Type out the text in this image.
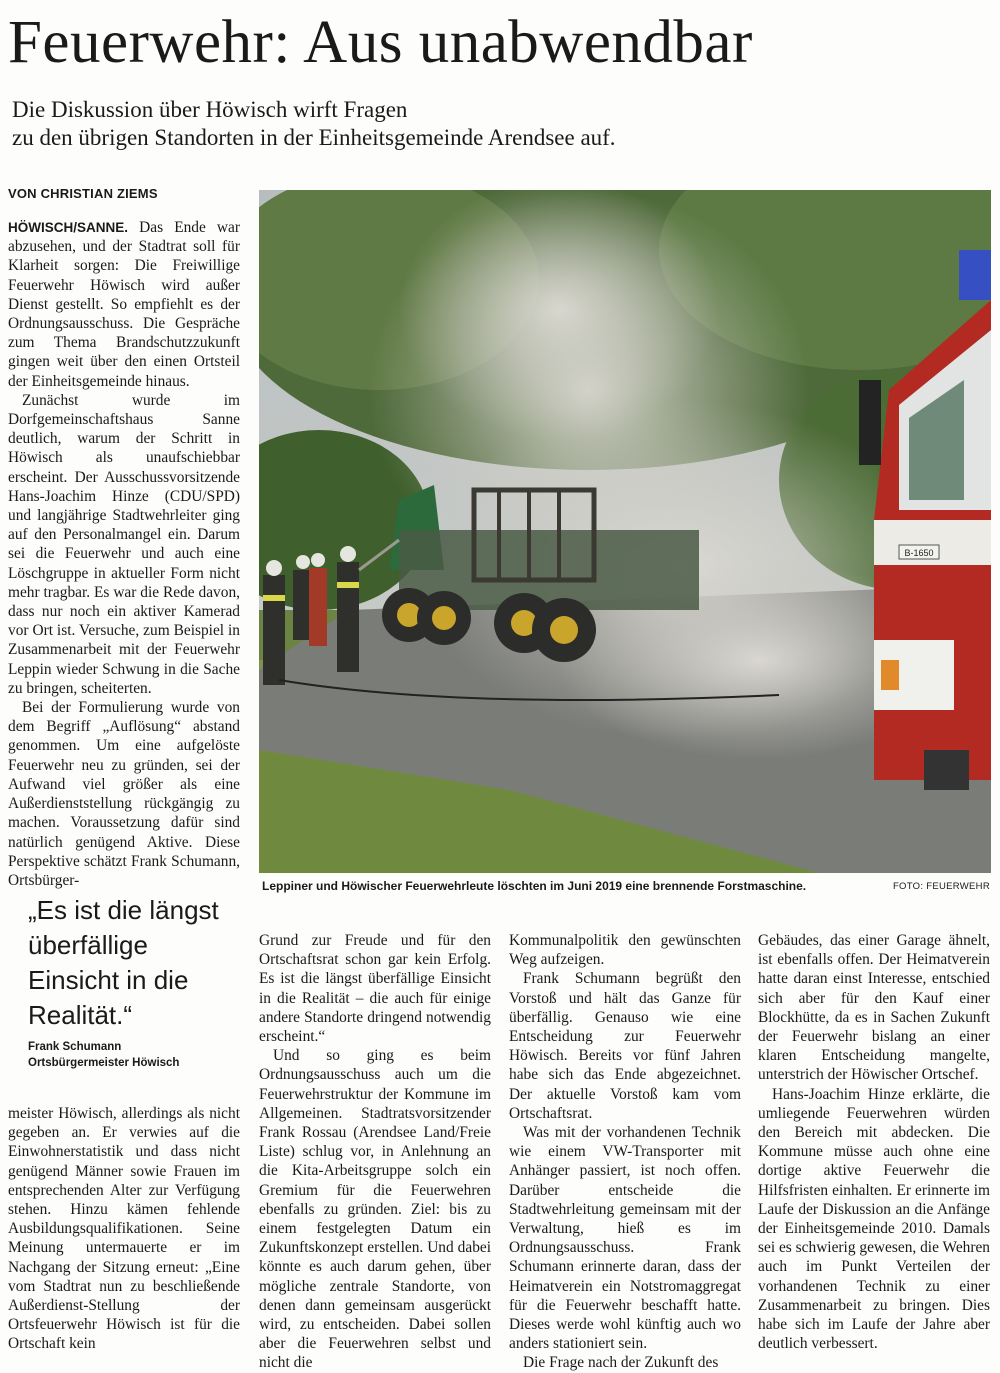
Feuerwehr: Aus unabwendbar
Die Diskussion über Höwisch wirft Fragen
zu den übrigen Standorten in der Einheitsgemeinde Arendsee auf.
VON CHRISTIAN ZIEMS

HÖWISCH/SANNE. Das Ende war abzusehen, und der Stadtrat soll für Klarheit sorgen: Die Freiwillige Feuerwehr Höwisch wird außer Dienst gestellt. So empfiehlt es der Ordnungsausschuss. Die Gespräche zum Thema Brandschutzzukunft gingen weit über den einen Ortsteil der Einheitsgemeinde hinaus.

Zunächst wurde im Dorfgemeinschaftshaus Sanne deutlich, warum der Schritt in Höwisch als unaufschiebbar erscheint. Der Ausschussvorsitzende Hans-Joachim Hinze (CDU/SPD) und langjährige Stadtwehrleiter ging auf den Personalmangel ein. Darum sei die Feuerwehr und auch eine Löschgruppe in aktueller Form nicht mehr tragbar. Es war die Rede davon, dass nur noch ein aktiver Kamerad vor Ort ist. Versuche, zum Beispiel in Zusammenarbeit mit der Feuerwehr Leppin wieder Schwung in die Sache zu bringen, scheiterten.

Bei der Formulierung wurde von dem Begriff „Auflösung“ abstand genommen. Um eine aufgelöste Feuerwehr neu zu gründen, sei der Aufwand viel größer als eine Außerdienststellung rückgängig zu machen. Voraussetzung dafür sind natürlich genügend Aktive. Diese Perspektive schätzt Frank Schumann, Ortsbürger-

„Es ist die längst überfällige Einsicht in die Realität.“

Frank Schumann
Ortsbürgermeister Höwisch

meister Höwisch, allerdings als nicht gegeben an. Er verwies auf die Einwohnerstatistik und dass nicht genügend Männer sowie Frauen im entsprechenden Alter zur Verfügung stehen. Hinzu kämen fehlende Ausbildungsqualifikationen. Seine Meinung untermauerte er im Nachgang der Sitzung erneut: „Eine vom Stadtrat nun zu beschließende Außerdienst-Stellung der Ortsfeuerwehr Höwisch ist für die Ortschaft kein

B-1650
Leppiner und Höwischer Feuerwehrleute löschten im Juni 2019 eine brennende Forstmaschine.	FOTO: FEUERWEHR

Grund zur Freude und für den Ortschaftsrat schon gar kein Erfolg. Es ist die längst überfällige Einsicht in die Realität – die auch für einige andere Standorte dringend notwendig erscheint.“

Und so ging es beim Ordnungsausschuss auch um die Feuerwehrstruktur der Kommune im Allgemeinen. Stadtratsvorsitzender Frank Rossau (Arendsee Land/Freie Liste) schlug vor, in Anlehnung an die Kita-Arbeitsgruppe solch ein Gremium für die Feuerwehren ebenfalls zu gründen. Ziel: bis zu einem festgelegten Datum ein Zukunftskonzept erstellen. Und dabei könnte es auch darum gehen, über mögliche zentrale Standorte, von denen dann gemeinsam ausgerückt wird, zu entscheiden. Dabei sollen aber die Feuerwehren selbst und nicht die

Kommunalpolitik den gewünschten Weg aufzeigen.

Frank Schumann begrüßt den Vorstoß und hält das Ganze für überfällig. Genauso wie eine Entscheidung zur Feuerwehr Höwisch. Bereits vor fünf Jahren habe sich das Ende abgezeichnet. Der aktuelle Vorstoß kam vom Ortschaftsrat.

Was mit der vorhandenen Technik wie einem VW-Transporter mit Anhänger passiert, ist noch offen. Darüber entscheide die Stadtwehrleitung gemeinsam mit der Verwaltung, hieß es im Ordnungsausschuss. Frank Schumann erinnerte daran, dass der Heimatverein ein Notstromaggregat für die Feuerwehr beschafft hatte. Dieses werde wohl künftig auch wo anders stationiert sein.

Die Frage nach der Zukunft des

Gebäudes, das einer Garage ähnelt, ist ebenfalls offen. Der Heimatverein hatte daran einst Interesse, entschied sich aber für den Kauf einer Blockhütte, da es in Sachen Zukunft der Feuerwehr bislang an einer klaren Entscheidung mangelte, unterstrich der Höwischer Ortschef.

Hans-Joachim Hinze erklärte, die umliegende Feuerwehren würden den Bereich mit abdecken. Die Kommune müsse auch ohne eine dortige aktive Feuerwehr die Hilfsfristen einhalten. Er erinnerte im Laufe der Diskussion an die Anfänge der Einheitsgemeinde 2010. Damals sei es schwierig gewesen, die Wehren auch im Punkt Verteilen der vorhandenen Technik zu einer Zusammenarbeit zu bringen. Dies habe sich im Laufe der Jahre aber deutlich verbessert.
